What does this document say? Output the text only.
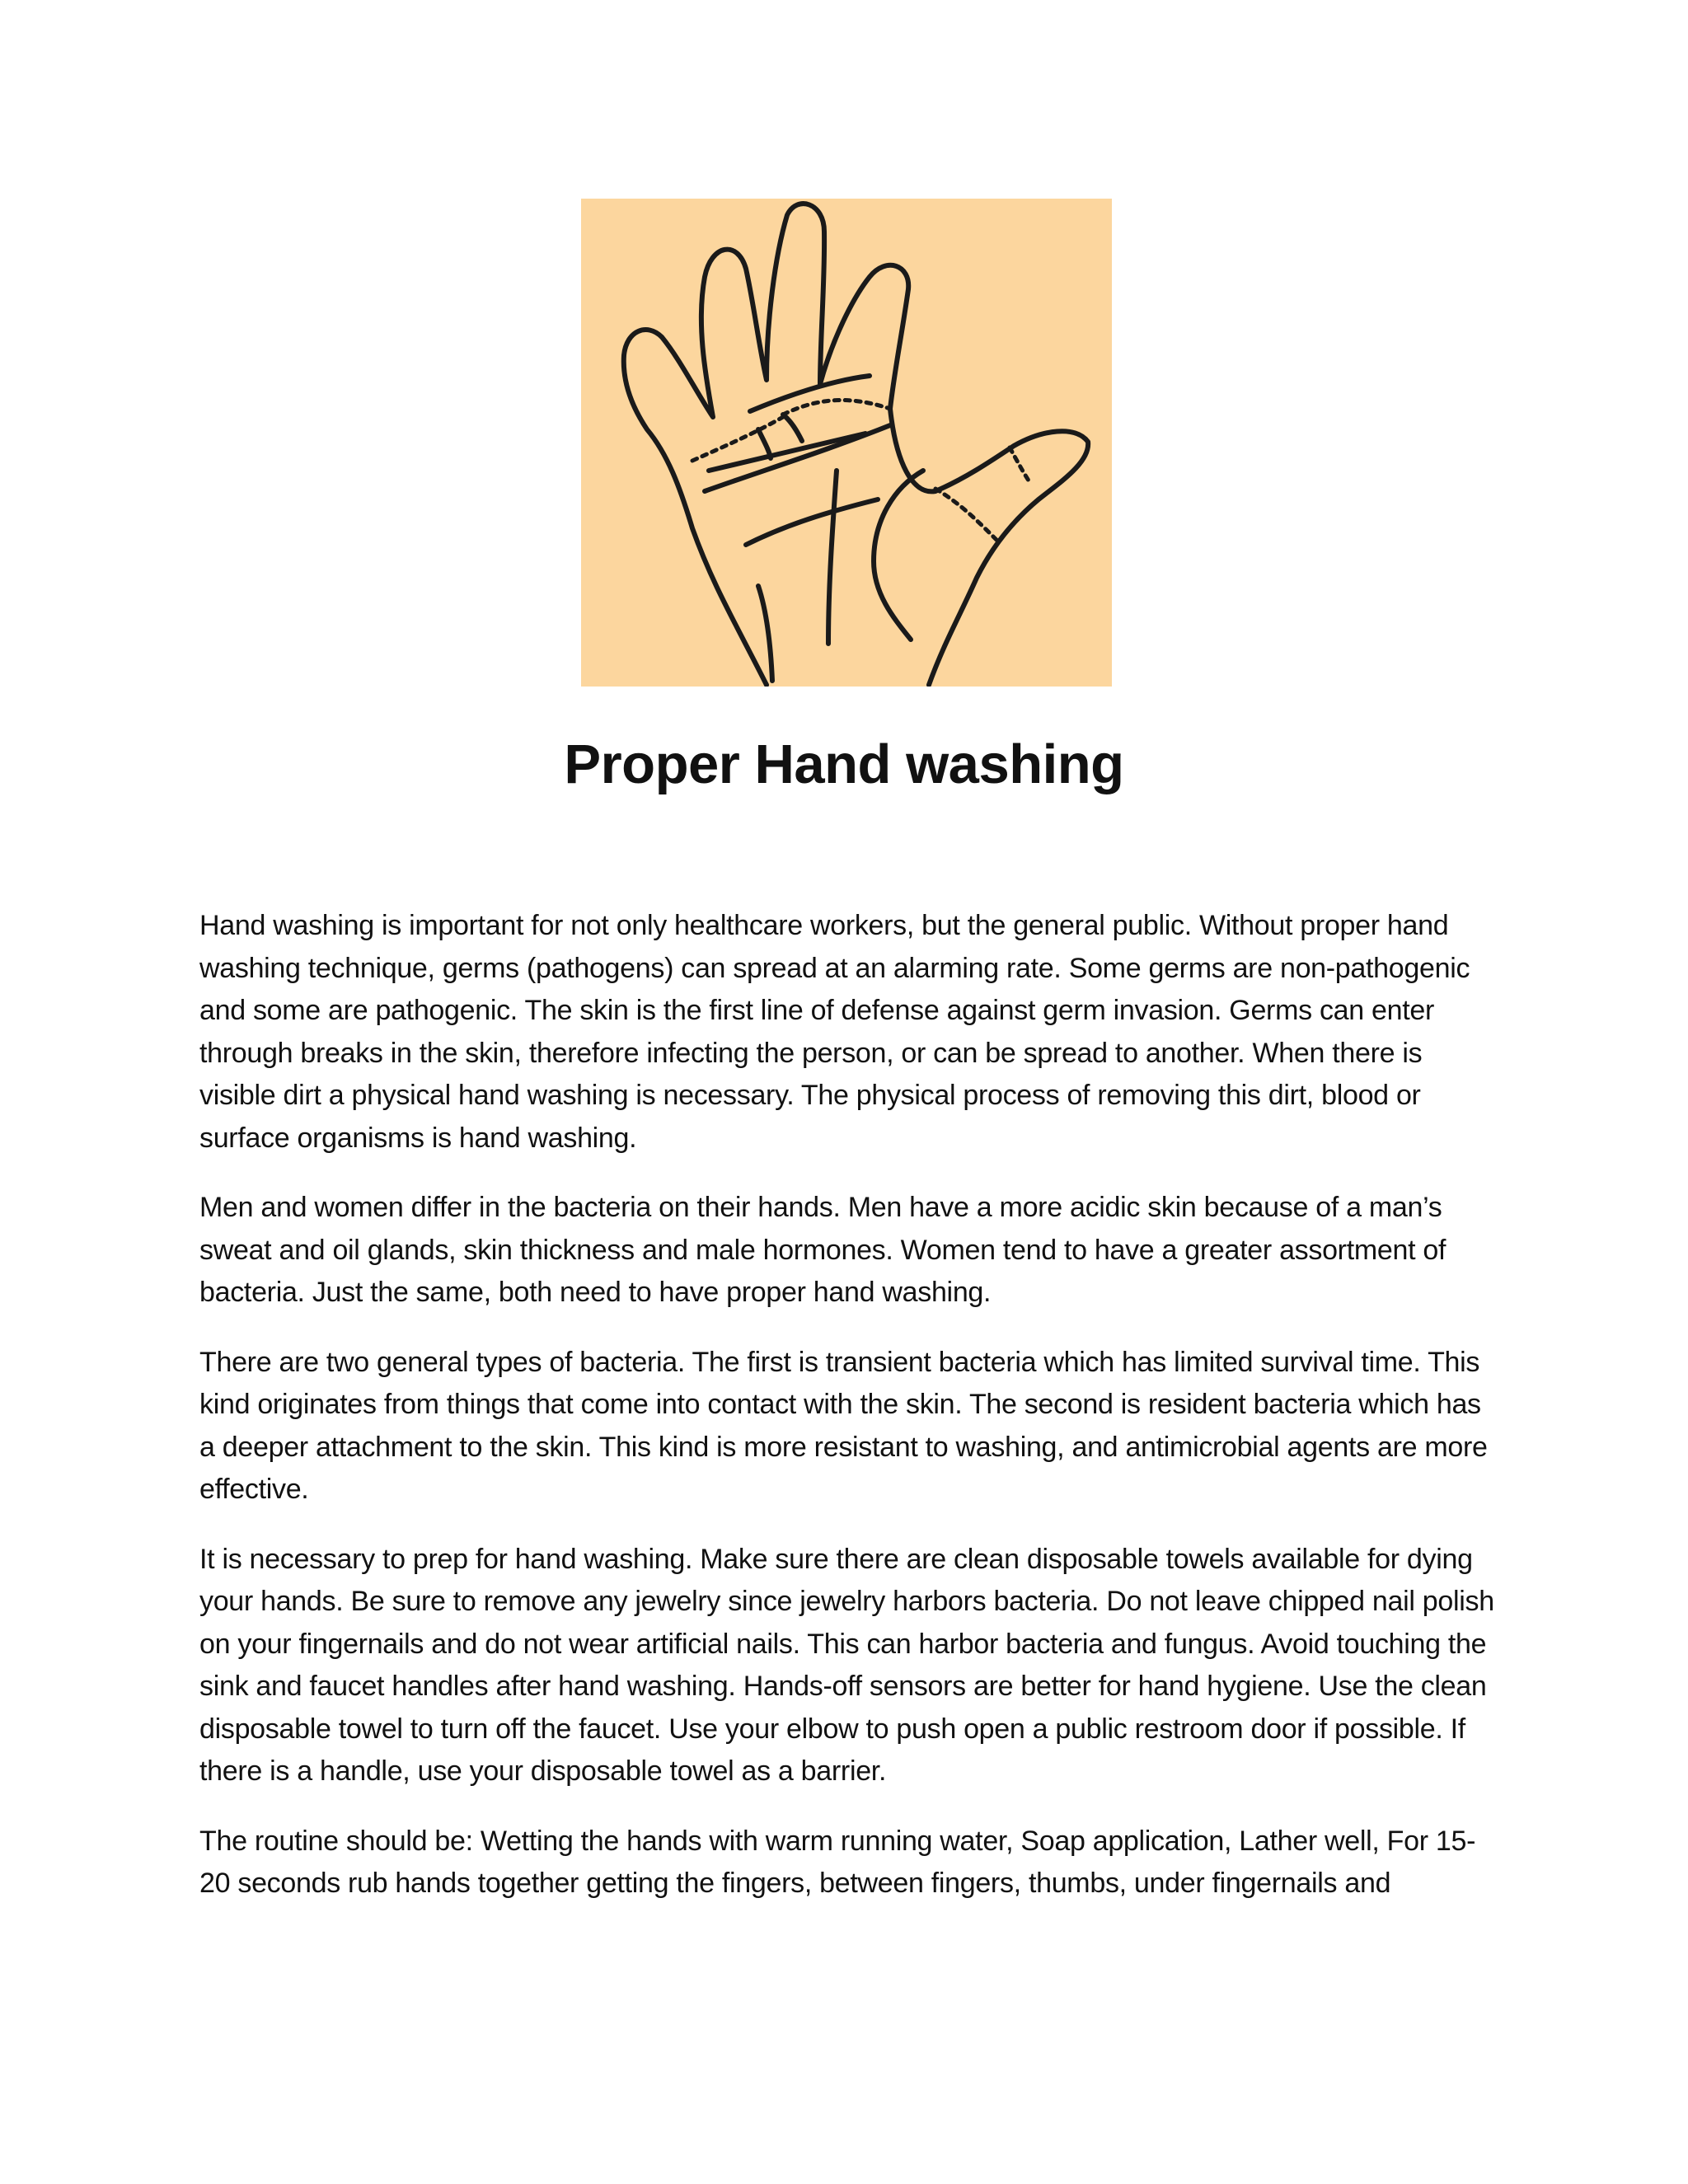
Proper Hand washing

Hand washing is important for not only healthcare workers, but the general public. Without proper hand washing technique, germs (pathogens) can spread at an alarming rate. Some germs are non-pathogenic and some are pathogenic. The skin is the first line of defense against germ invasion. Germs can enter through breaks in the skin, therefore infecting the person, or can be spread to another. When there is visible dirt a physical hand washing is necessary. The physical process of removing this dirt, blood or surface organisms is hand washing.

Men and women differ in the bacteria on their hands. Men have a more acidic skin because of a man’s sweat and oil glands, skin thickness and male hormones. Women tend to have a greater assortment of bacteria. Just the same, both need to have proper hand washing.

There are two general types of bacteria. The first is transient bacteria which has limited survival time. This kind originates from things that come into contact with the skin. The second is resident bacteria which has a deeper attachment to the skin. This kind is more resistant to washing, and antimicrobial agents are more effective.

It is necessary to prep for hand washing. Make sure there are clean disposable towels available for dying your hands. Be sure to remove any jewelry since jewelry harbors bacteria. Do not leave chipped nail polish on your fingernails and do not wear artificial nails. This can harbor bacteria and fungus. Avoid touching the sink and faucet handles after hand washing. Hands-off sensors are better for hand hygiene. Use the clean disposable towel to turn off the faucet. Use your elbow to push open a public restroom door if possible. If there is a handle, use your disposable towel as a barrier.

The routine should be: Wetting the hands with warm running water, Soap application, Lather well, For 15-20 seconds rub hands together getting the fingers, between fingers, thumbs, under fingernails and
